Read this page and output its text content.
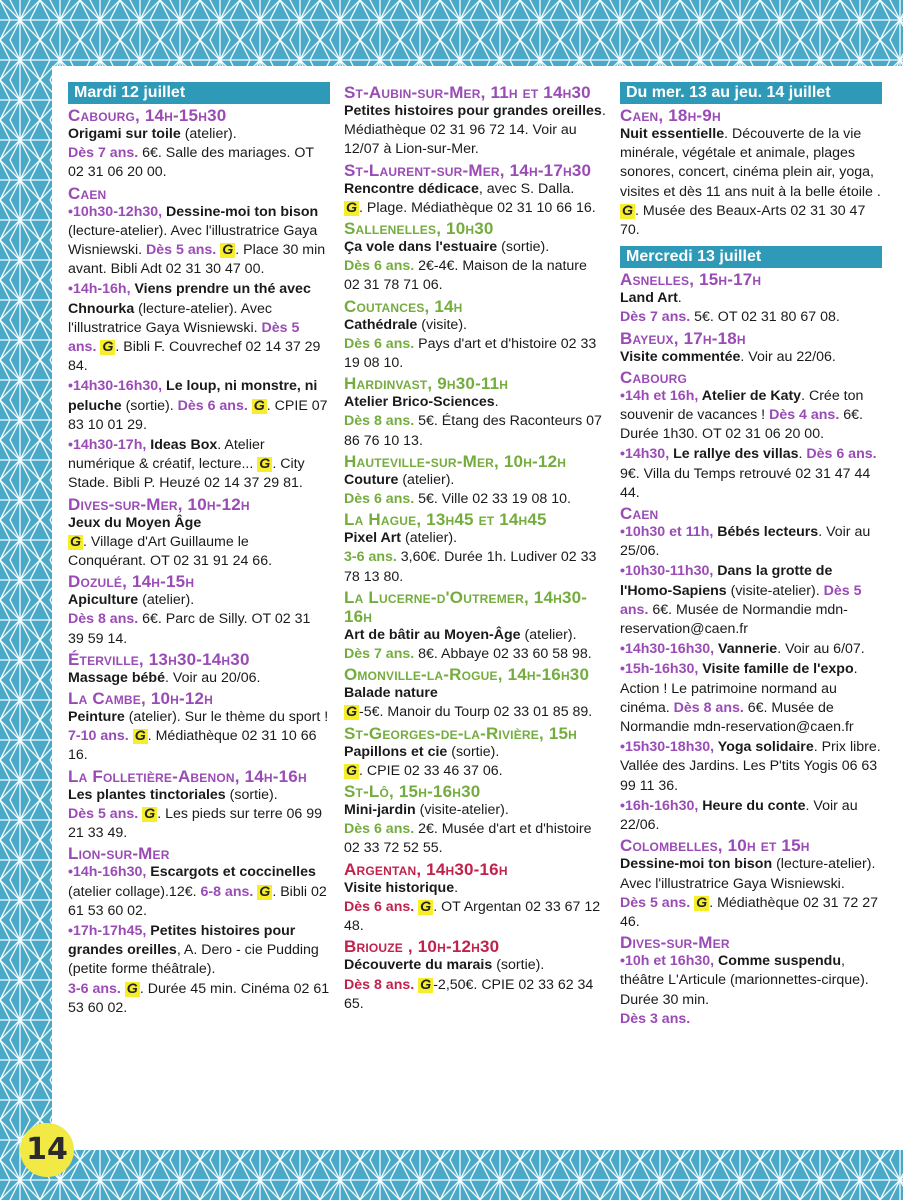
Mardi 12 juillet
Cabourg, 14h-15h30
Origami sur toile (atelier).
Dès 7 ans. 6€. Salle des mariages. OT 02 31 06 20 00.
Caen
•10h30-12h30, Dessine-moi ton bison (lecture-atelier). Avec l'illustratrice Gaya Wisniewski. Dès 5 ans. G . Place 30 min avant. Bibli Adt 02 31 30 47 00.
•14h-16h, Viens prendre un thé avec Chnourka (lecture-atelier). Avec l'illustratrice Gaya Wisniewski. Dès 5 ans. G . Bibli F. Couvrechef 02 14 37 29 84.
•14h30-16h30, Le loup, ni monstre, ni peluche (sortie). Dès 6 ans. G . CPIE 07 83 10 01 29.
•14h30-17h, Ideas Box. Atelier numérique & créatif, lecture... G . City Stade. Bibli P. Heuzé 02 14 37 29 81.
Dives-sur-Mer, 10h-12h
Jeux du Moyen Âge
G . Village d'Art Guillaume le Conquérant. OT 02 31 91 24 66.
Dozulé, 14h-15h
Apiculture (atelier).
Dès 8 ans. 6€. Parc de Silly. OT 02 31 39 59 14.
Éterville, 13h30-14h30
Massage bébé. Voir au 20/06.
La Cambe, 10h-12h
Peinture (atelier). Sur le thème du sport !
7-10 ans. G . Médiathèque 02 31 10 66 16.
La Folletière-Abenon, 14h-16h
Les plantes tinctoriales (sortie).
Dès 5 ans. G . Les pieds sur terre 06 99 21 33 49.
Lion-sur-Mer
•14h-16h30, Escargots et coccinelles (atelier collage).12€. 6-8 ans. G . Bibli 02 61 53 60 02.
•17h-17h45, Petites histoires pour grandes oreilles, A. Dero - cie Pudding (petite forme théâtrale).
3-6 ans. G . Durée 45 min. Cinéma 02 61 53 60 02.
St-Aubin-sur-Mer, 11h et 14h30
Petites histoires pour grandes oreilles. Médiathèque 02 31 96 72 14. Voir au 12/07 à Lion-sur-Mer.
St-Laurent-sur-Mer, 14h-17h30
Rencontre dédicace, avec S. Dalla.
G . Plage. Médiathèque 02 31 10 66 16.
Sallenelles, 10h30
Ça vole dans l'estuaire (sortie).
Dès 6 ans. 2€-4€. Maison de la nature 02 31 78 71 06.
Coutances, 14h
Cathédrale (visite).
Dès 6 ans. Pays d'art et d'histoire 02 33 19 08 10.
Hardinvast, 9h30-11h
Atelier Brico-Sciences.
Dès 8 ans. 5€. Étang des Raconteurs 07 86 76 10 13.
Hauteville-sur-Mer, 10h-12h
Couture (atelier).
Dès 6 ans. 5€. Ville 02 33 19 08 10.
La Hague, 13h45 et 14h45
Pixel Art (atelier).
3-6 ans. 3,60€. Durée 1h. Ludiver 02 33 78 13 80.
La Lucerne-d'Outremer, 14h30-16h
Art de bâtir au Moyen-Âge (atelier).
Dès 7 ans. 8€. Abbaye 02 33 60 58 98.
Omonville-la-Rogue, 14h-16h30
Balade nature
G -5€. Manoir du Tourp 02 33 01 85 89.
St-Georges-de-la-Rivière, 15h
Papillons et cie (sortie).
G . CPIE 02 33 46 37 06.
St-Lô, 15h-16h30
Mini-jardin (visite-atelier).
Dès 6 ans. 2€. Musée d'art et d'histoire 02 33 72 52 55.
Argentan, 14h30-16h
Visite historique.
Dès 6 ans. G . OT Argentan 02 33 67 12 48.
Briouze , 10h-12h30
Découverte du marais (sortie).
Dès 8 ans. G -2,50€. CPIE 02 33 62 34 65.
Du mer. 13 au jeu. 14 juillet
Caen, 18h-9h
Nuit essentielle. Découverte de la vie minérale, végétale et animale, plages sonores, concert, cinéma plein air, yoga, visites et dès 11 ans nuit à la belle étoile .
G . Musée des Beaux-Arts 02 31 30 47 70.
Mercredi 13 juillet
Asnelles, 15h-17h
Land Art.
Dès 7 ans. 5€. OT 02 31 80 67 08.
Bayeux, 17h-18h
Visite commentée. Voir au 22/06.
Cabourg
•14h et 16h, Atelier de Katy. Crée ton souvenir de vacances ! Dès 4 ans. 6€. Durée 1h30. OT 02 31 06 20 00.
•14h30, Le rallye des villas. Dès 6 ans. 9€. Villa du Temps retrouvé 02 31 47 44 44.
Caen
•10h30 et 11h, Bébés lecteurs. Voir au 25/06.
•10h30-11h30, Dans la grotte de l'Homo-Sapiens (visite-atelier). Dès 5 ans. 6€. Musée de Normandie mdn-reservation@caen.fr
•14h30-16h30, Vannerie. Voir au 6/07.
•15h-16h30, Visite famille de l'expo. Action ! Le patrimoine normand au cinéma. Dès 8 ans. 6€. Musée de Normandie mdn-reservation@caen.fr
•15h30-18h30, Yoga solidaire. Prix libre. Vallée des Jardins. Les P'tits Yogis 06 63 99 11 36.
•16h-16h30, Heure du conte. Voir au 22/06.
Colombelles, 10h et 15h
Dessine-moi ton bison (lecture-atelier). Avec l'illustratrice Gaya Wisniewski.
Dès 5 ans. G . Médiathèque 02 31 72 27 46.
Dives-sur-Mer
•10h et 16h30, Comme suspendu, théâtre L'Articule (marionnettes-cirque). Durée 30 min.
Dès 3 ans.
14
